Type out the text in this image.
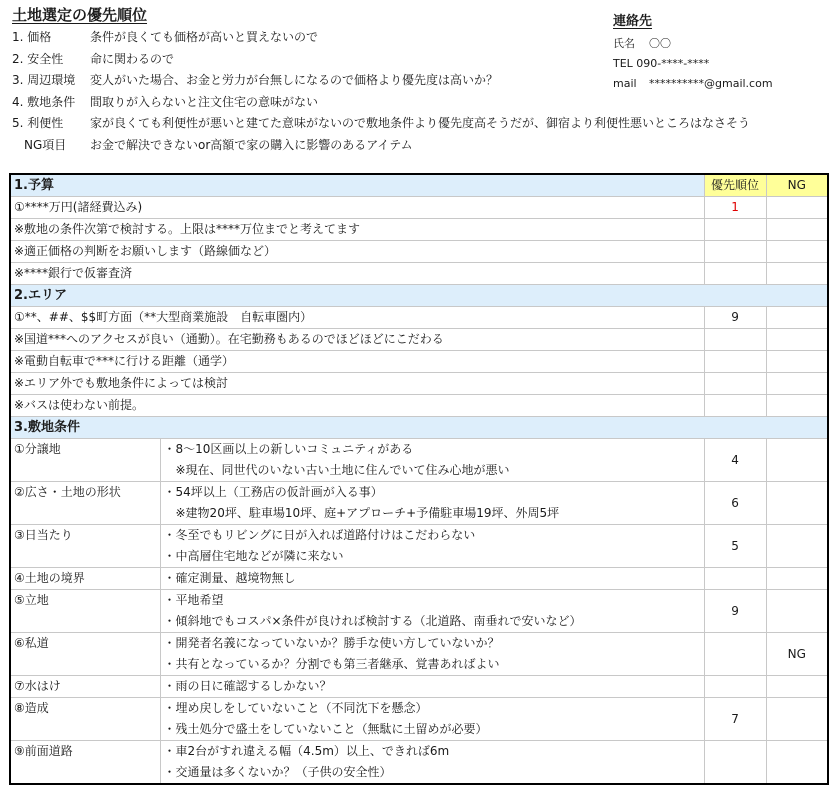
土地選定の優先順位
1. 価格	条件が良くても価格が高いと買えないので
2. 安全性 命に関わるので
3. 周辺環境 変人がいた場合、お金と労力が台無しになるので価格より優先度は高いか？
4. 敷地条件 間取りが入らないと注文住宅の意味がない
5. 利便性 家が良くても利便性が悪いと建てた意味がないので敷地条件より優先度高そうだが、御宿より利便性悪いところはなさそう
　NG項目 お金で解決できないor高額で家の購入に影響のあるアイテム
連絡先
氏名 〇〇
TEL 090-****-****
mail **********@gmail.com
1.予算		優先順位	NG
①****万円(諸経費込み)		1	
※敷地の条件次第で検討する。上限は****万位までと考えてます			
※適正価格の判断をお願いします（路線価など）			
※****銀行で仮審査済			
2.エリア			
①**、##、$$町方面（**大型商業施設　自転車圏内）		9	
※国道***へのアクセスが良い（通勤）。在宅勤務もあるのでほどほどにこだわる			
※電動自転車で***に行ける距離（通学）			
※エリア外でも敷地条件によっては検討			
※バスは使わない前提。			
3.敷地条件			
①分譲地	・8～10区画以上の新しいコミュニティがある
　※現在、同世代のいない古い土地に住んでいて住み心地が悪い	4	
②広さ・土地の形状	・54坪以上（工務店の仮計画が入る事）
　※建物20坪、駐車場10坪、庭+アプローチ+予備駐車場19坪、外周5坪	6	
③日当たり	・冬至でもリビングに日が入れば道路付けはこだわらない
・中高層住宅地などが隣に来ない	5	
④土地の境界	・確定測量、越境物無し		

⑤立地	・平地希望
・傾斜地でもコスパ×条件が良ければ検討する（北道路、南垂れで安いなど）	9	
⑥私道	・開発者名義になっていないか？勝手な使い方していないか？
・共有となっているか？分割でも第三者継承、覚書あればよい		NG
⑦水はけ	・雨の日に確認するしかない？		

⑧造成	・埋め戻しをしていないこと（不同沈下を懸念）
・残土処分で盛土をしていないこと（無駄に土留めが必要）	7	
⑨前面道路	・車2台がすれ違える幅（4.5m）以上、できれば6m
・交通量は多くないか？（子供の安全性）		
